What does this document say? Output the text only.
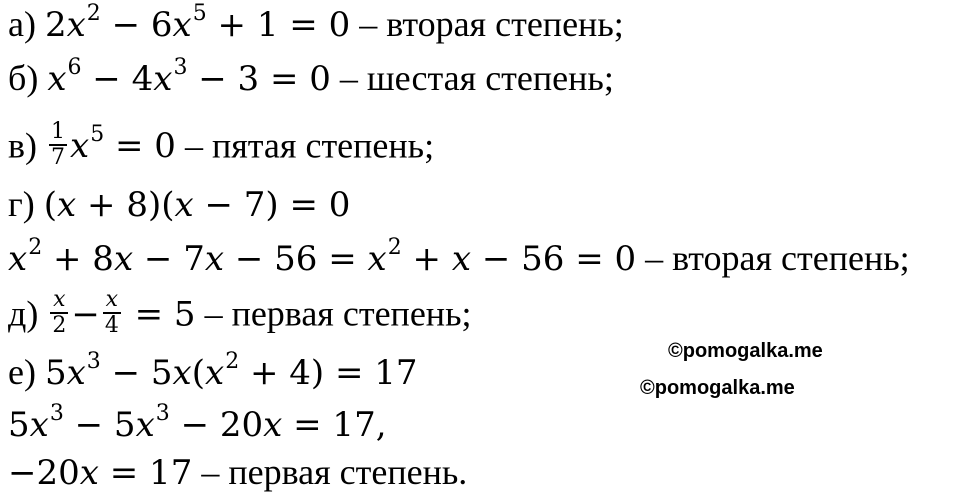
а) $2x^2 - 6x^5 + 1 = 0$ – вторая степень;
б) $x^6 - 4x^3 - 3 = 0$ – шестая степень;
$в) \frac{1}{7} x^5 = 0$ – пятая степень;
г) (x + 8)(x − 7) = 0
$x^2 + 8x - 7x - 56 = x^2 + x - 56 = 0$ – вторая степень;
$д) \frac{x}{2} - \frac{x}{4} = 5$ – первая степень;
е) $5x^3 - 5x(x^2 + 4) = 17$
$5x^3 - 5x^3 - 20x = 17$,
−20x = 17 – первая степень.
©pomogalka.me
©pomogalka.me
